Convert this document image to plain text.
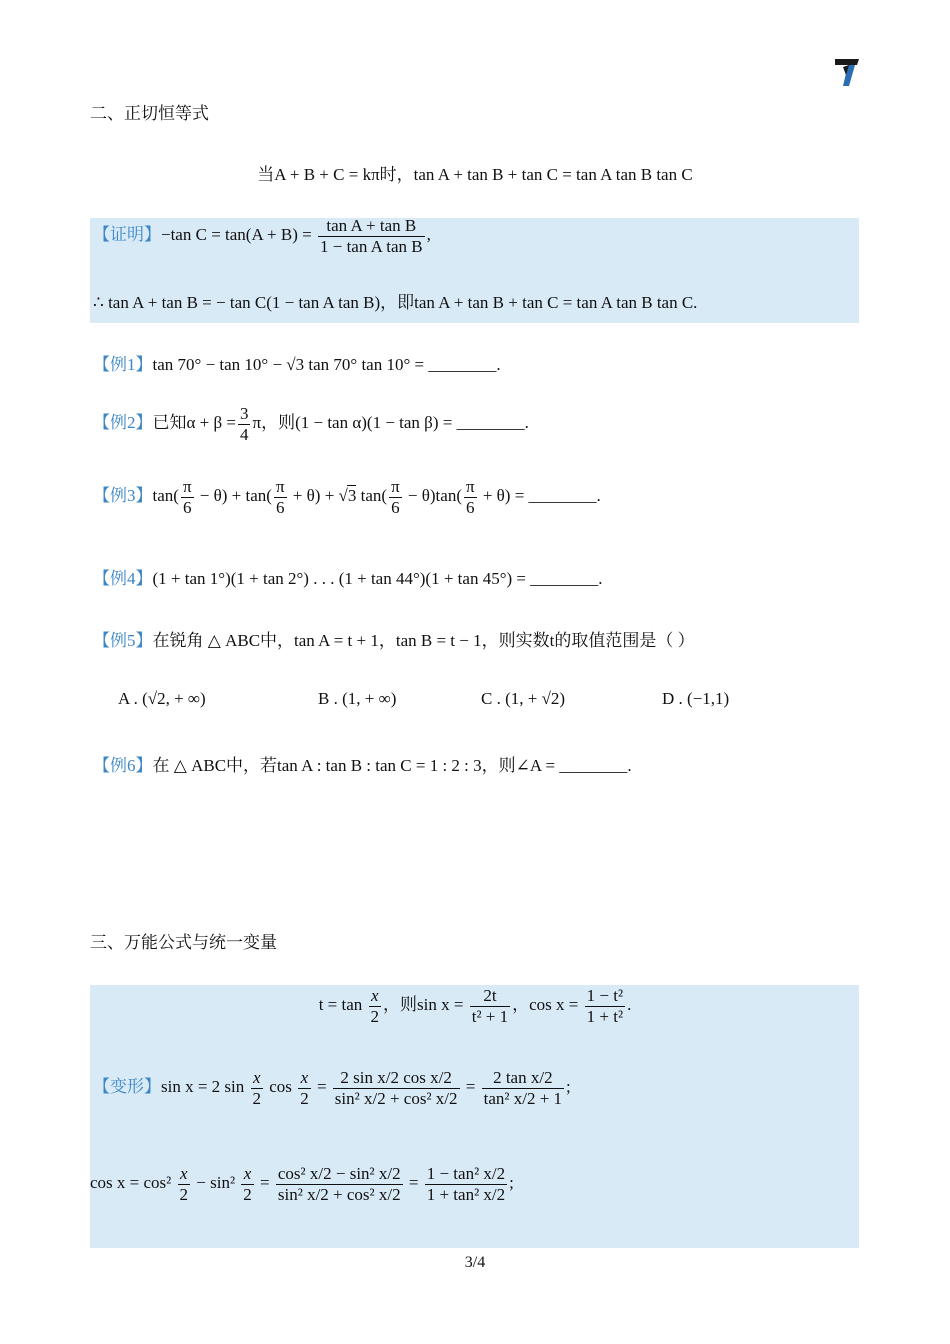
二、正切恒等式
当A + B + C = kπ时，tan A + tan B + tan C = tan A tan B tan C
【证明】−tan $C = \tan(A + B) = \frac{\text{tan A + tan B}}{\text{1 − tan A tan B}}$ ,
∴ tan A + tan B = − tan C(1 − tan A tan B)，即tan A + tan B + tan C = tan A tan B tan C.
【例1】tan 70° − tan 10° − √3 tan 70° tan 10° = ________.
【例2】已知$\alpha + \beta = \frac{3}{4}$ π，则(1 − tan α)(1 − tan β) = ________.
【例3】$\tan( \frac{\pi}{6} - \theta) + \tan( \frac{\pi}{6} + \theta) + √3$ $\tan( \frac{\pi}{6} - \theta)\tan( \frac{\pi}{6} + \theta)$ = ________.
【例4】(1 + tan 1°)(1 + tan 2°) . . . (1 + tan 44°)(1 + tan 45°) = ________.
【例5】在锐角 △ ABC中，tan A = t + 1，tan B = t − 1，则实数t的取值范围是（ ）
A . (√2, + ∞)	B . (1, + ∞)	C . (1, + √2)	D . (−1,1)
【例6】在 △ ABC中，若tan A : tan B : tan C = 1 : 2 : 3，则∠A = ________.
三、万能公式与统一变量
$t = \tan \frac{x}{2}$ ，则$\sin x = \frac{2t}{\text{t² + 1}}$ ，$\cos x = \frac{\text{1 − t²}}{\text{1 + t²}}$ .
【变形】sin x = 2 $\sin \frac{x}{2}$ $\cos \frac{x}{2} = \frac{\text{2 sin x/2 cos x/2}}{\text{sin² x/2 + cos² x/2}} = \frac{\text{2 tan x/2}}{\text{tan² x/2 + 1}}$ ;
$\cos x = \cos^2 \frac{x}{2} - \sin^2 \frac{x}{2} = \frac{\text{cos² x/2 − sin² x/2}}{\text{sin² x/2 + cos² x/2}} = \frac{\text{1 − tan² x/2}}{\text{1 + tan² x/2}}$ ;
3/4
